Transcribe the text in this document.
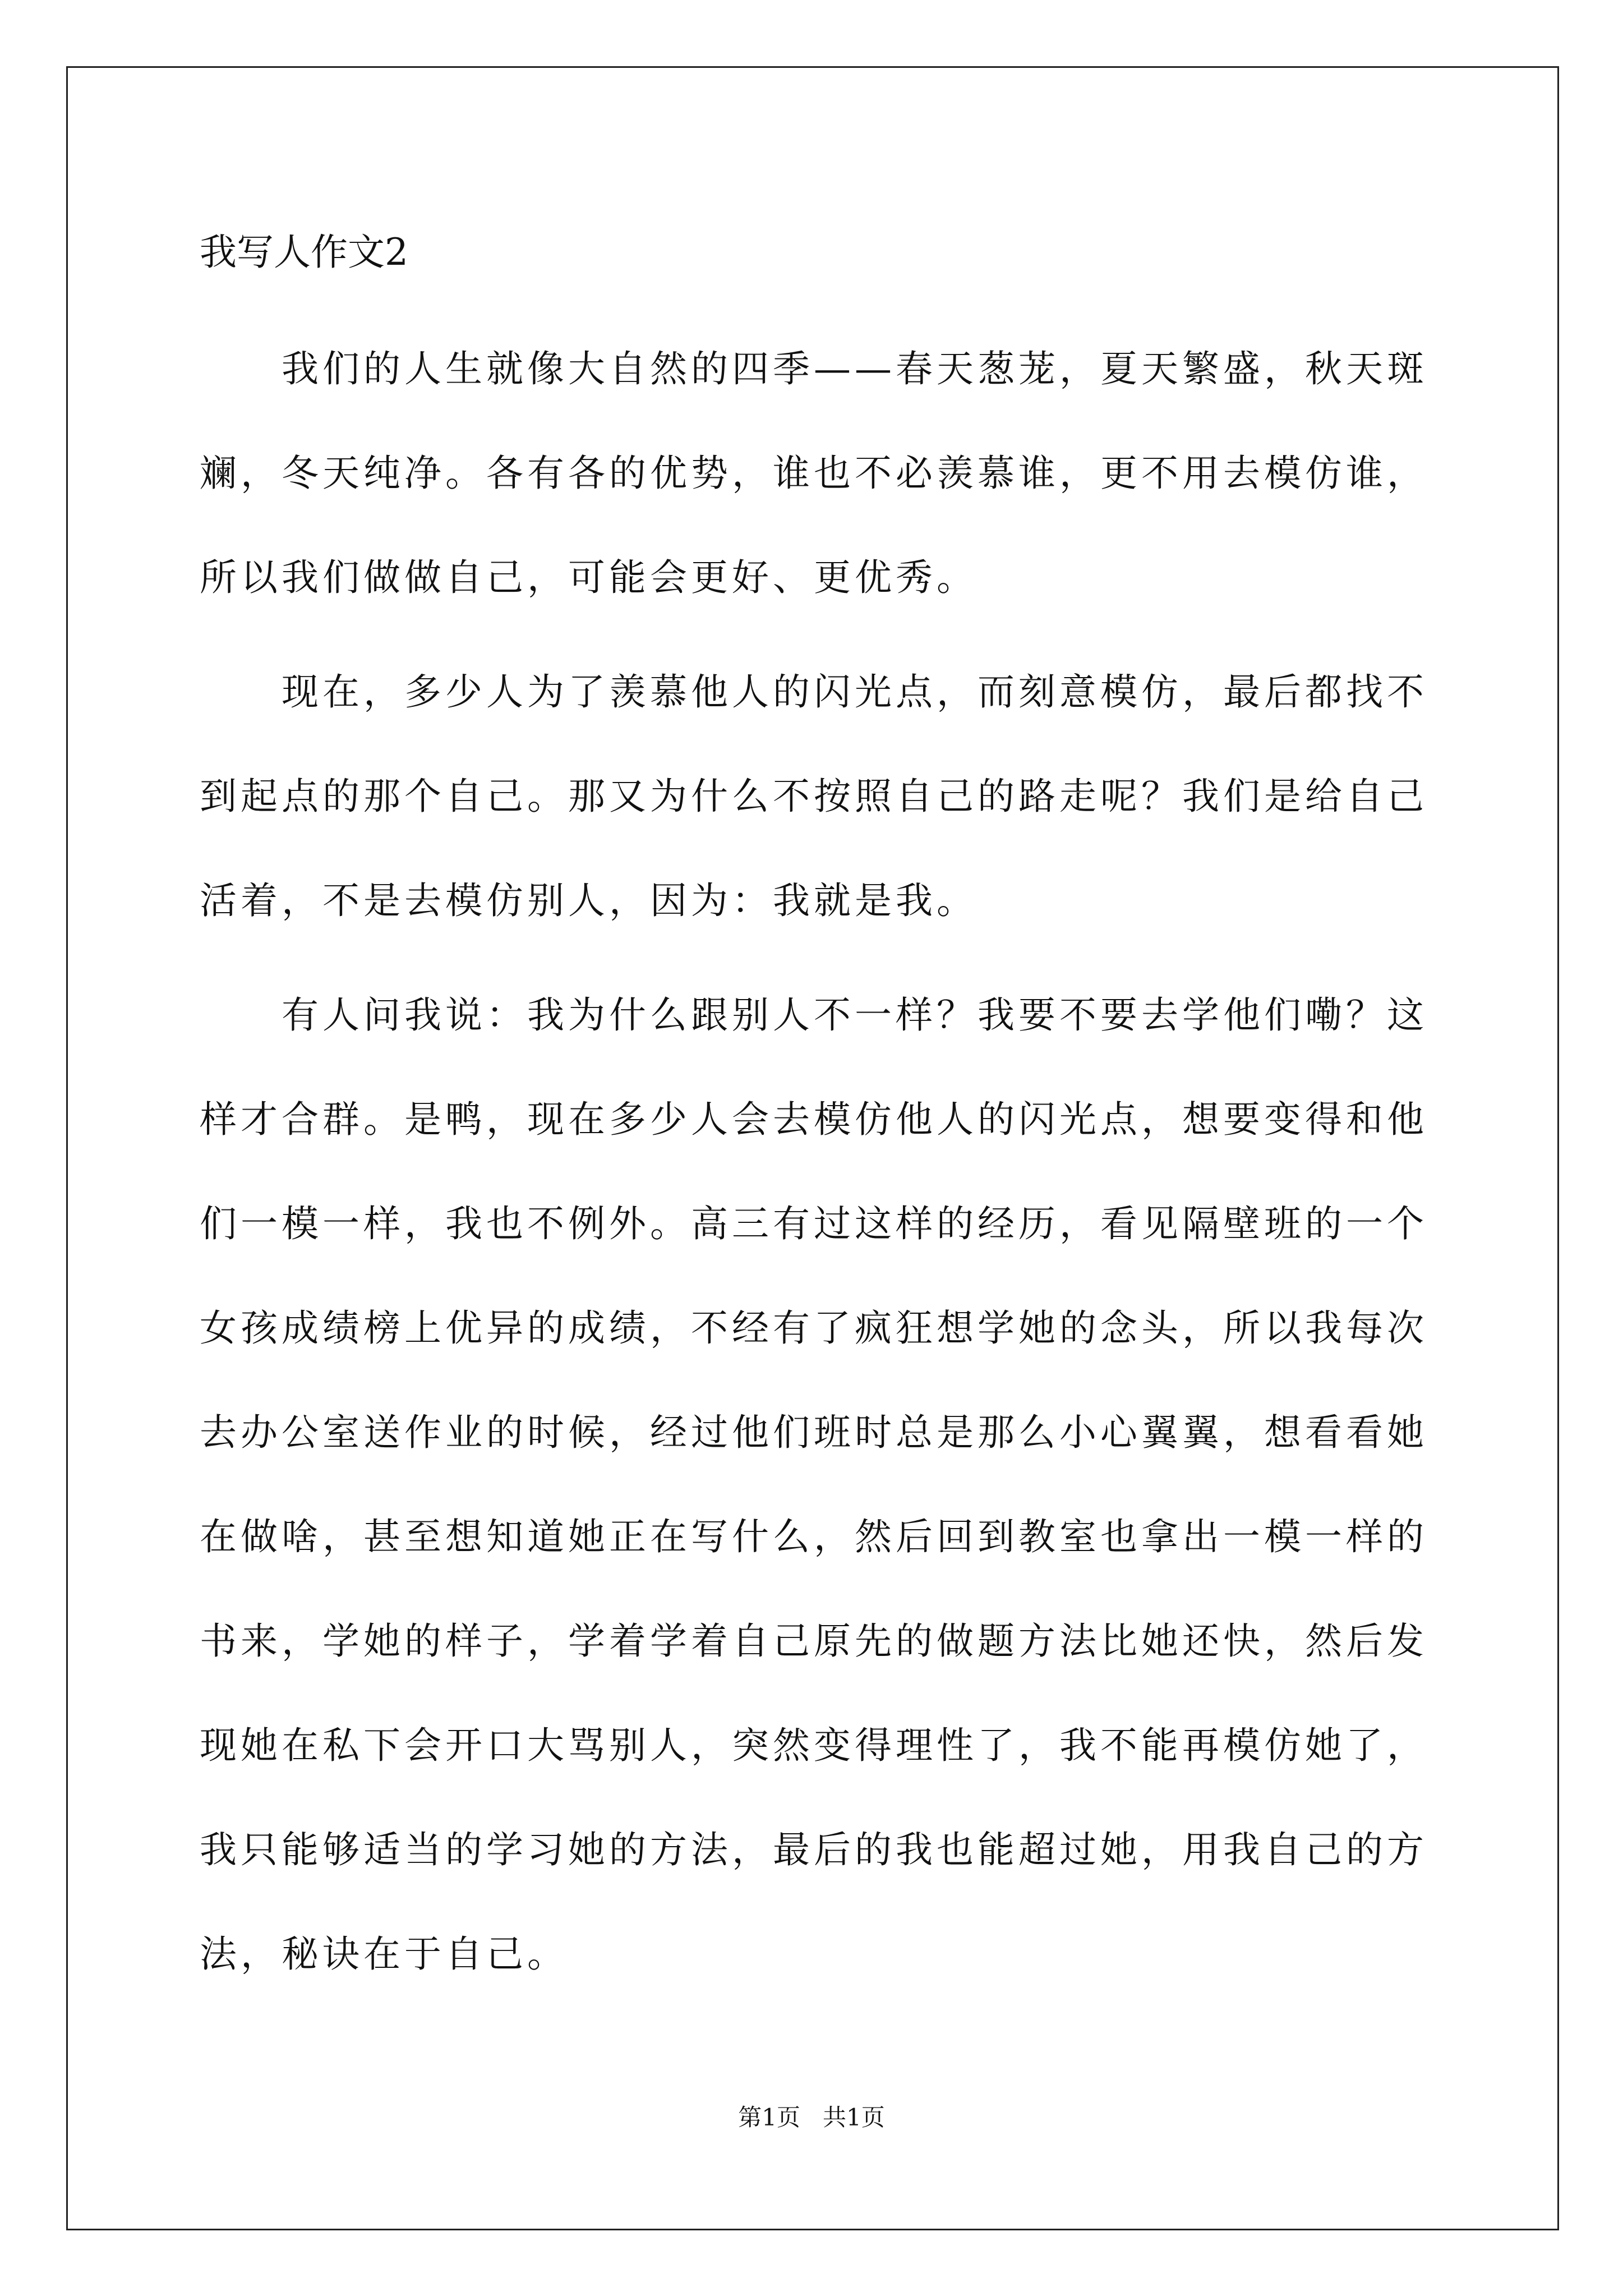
我写人作文2

我们的人生就像大自然的四季——春天葱茏，夏天繁盛，秋天斑斓，冬天纯净。各有各的优势，谁也不必羡慕谁，更不用去模仿谁，所以我们做做自己，可能会更好、更优秀。

现在，多少人为了羡慕他人的闪光点，而刻意模仿，最后都找不到起点的那个自己。那又为什么不按照自己的路走呢？我们是给自己活着，不是去模仿别人，因为：我就是我。

有人问我说：我为什么跟别人不一样？我要不要去学他们嘞？这样才合群。是鸭，现在多少人会去模仿他人的闪光点，想要变得和他们一模一样，我也不例外。高三有过这样的经历，看见隔壁班的一个女孩成绩榜上优异的成绩，不经有了疯狂想学她的念头，所以我每次去办公室送作业的时候，经过他们班时总是那么小心翼翼，想看看她在做啥，甚至想知道她正在写什么，然后回到教室也拿出一模一样的书来，学她的样子，学着学着自己原先的做题方法比她还快，然后发现她在私下会开口大骂别人，突然变得理性了，我不能再模仿她了，我只能够适当的学习她的方法，最后的我也能超过她，用我自己的方法，秘诀在于自己。

第1页   共1页
